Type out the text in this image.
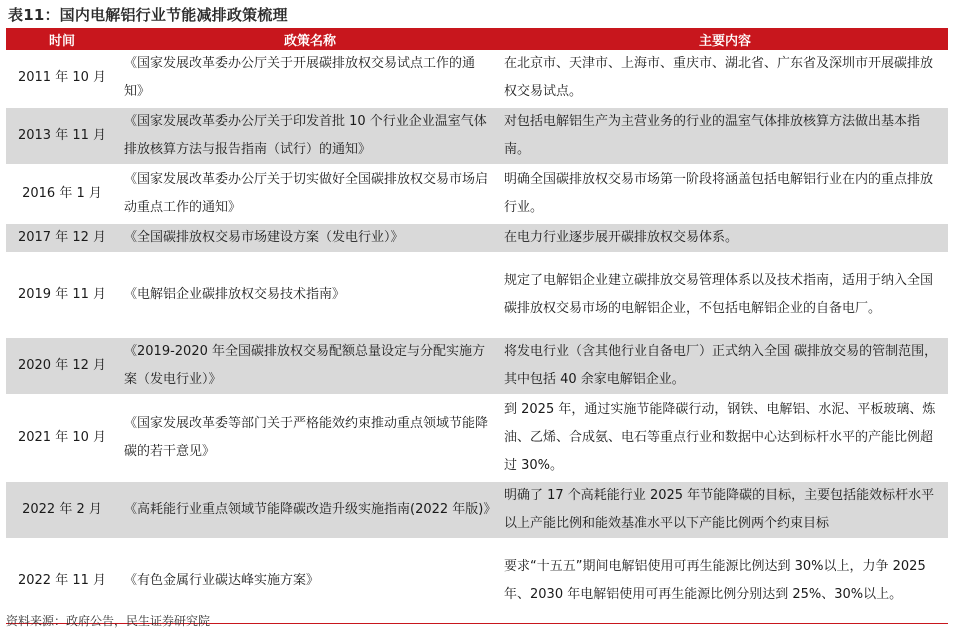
表11：国内电解铝行业节能减排政策梳理
时间	政策名称	主要内容
2011 年 10 月	《国家发展改革委办公厅关于开展碳排放权交易试点工作的通知》	在北京市、天津市、上海市、重庆市、湖北省、广东省及深圳市开展碳排放权交易试点。
2013 年 11 月	《国家发展改革委办公厅关于印发首批 10 个行业企业温室气体排放核算方法与报告指南（试行）的通知》	对包括电解铝生产为主营业务的行业的温室气体排放核算方法做出基本指南。
2016 年 1 月	《国家发展改革委办公厅关于切实做好全国碳排放权交易市场启动重点工作的通知》	明确全国碳排放权交易市场第一阶段将涵盖包括电解铝行业在内的重点排放行业。
2017 年 12 月	《全国碳排放权交易市场建设方案（发电行业）》	在电力行业逐步展开碳排放权交易体系。
2019 年 11 月	《电解铝企业碳排放权交易技术指南》	规定了电解铝企业建立碳排放交易管理体系以及技术指南，适用于纳入全国碳排放权交易市场的电解铝企业，不包括电解铝企业的自备电厂。
2020 年 12 月	《2019-2020 年全国碳排放权交易配额总量设定与分配实施方案（发电行业）》	将发电行业（含其他行业自备电厂）正式纳入全国 碳排放交易的管制范围，其中包括 40 余家电解铝企业。
2021 年 10 月	《国家发展改革委等部门关于严格能效约束推动重点领域节能降碳的若干意见》	到 2025 年，通过实施节能降碳行动，钢铁、电解铝、水泥、平板玻璃、炼油、乙烯、合成氨、电石等重点行业和数据中心达到标杆水平的产能比例超过 30%。
2022 年 2 月	《高耗能行业重点领域节能降碳改造升级实施指南(2022 年版)》	明确了 17 个高耗能行业 2025 年节能降碳的目标，主要包括能效标杆水平以上产能比例和能效基准水平以下产能比例两个约束目标
2022 年 11 月	《有色金属行业碳达峰实施方案》	要求“十五五”期间电解铝使用可再生能源比例达到 30%以上，力争 2025 年、2030 年电解铝使用可再生能源比例分别达到 25%、30%以上。
资料来源：政府公告，民生证券研究院
